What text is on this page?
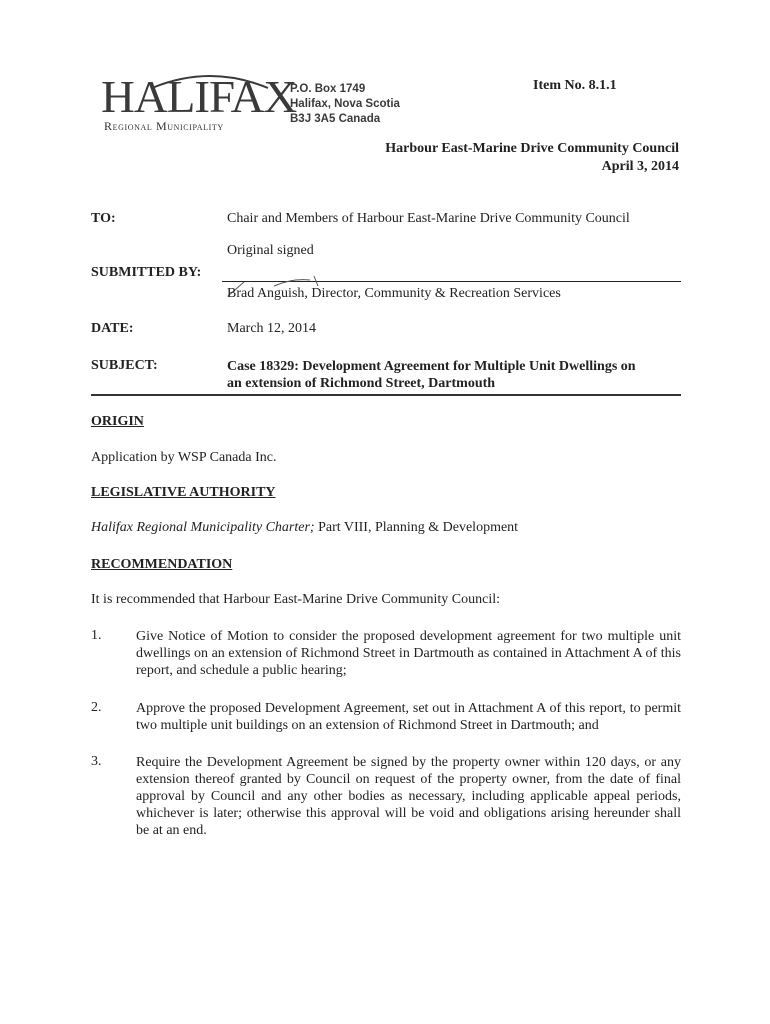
HALIFAX
Regional Municipality
P.O. Box 1749
Halifax, Nova Scotia
B3J 3A5 Canada
Item No. 8.1.1
Harbour East-Marine Drive Community Council
April 3, 2014
TO:	Chair and Members of Harbour East-Marine Drive Community Council
Original signed
SUBMITTED BY:
Brad Anguish, Director, Community & Recreation Services
DATE:	March 12, 2014
SUBJECT:	Case 18329: Development Agreement for Multiple Unit Dwellings on
an extension of Richmond Street, Dartmouth
ORIGIN
Application by WSP Canada Inc.
LEGISLATIVE AUTHORITY
Halifax Regional Municipality Charter; Part VIII, Planning & Development
RECOMMENDATION
It is recommended that Harbour East-Marine Drive Community Council:
1. Give Notice of Motion to consider the proposed development agreement for two multiple unit dwellings on an extension of Richmond Street in Dartmouth as contained in Attachment A of this report, and schedule a public hearing;
2. Approve the proposed Development Agreement, set out in Attachment A of this report, to permit two multiple unit buildings on an extension of Richmond Street in Dartmouth; and
3. Require the Development Agreement be signed by the property owner within 120 days, or any extension thereof granted by Council on request of the property owner, from the date of final approval by Council and any other bodies as necessary, including applicable appeal periods, whichever is later; otherwise this approval will be void and obligations arising hereunder shall be at an end.
